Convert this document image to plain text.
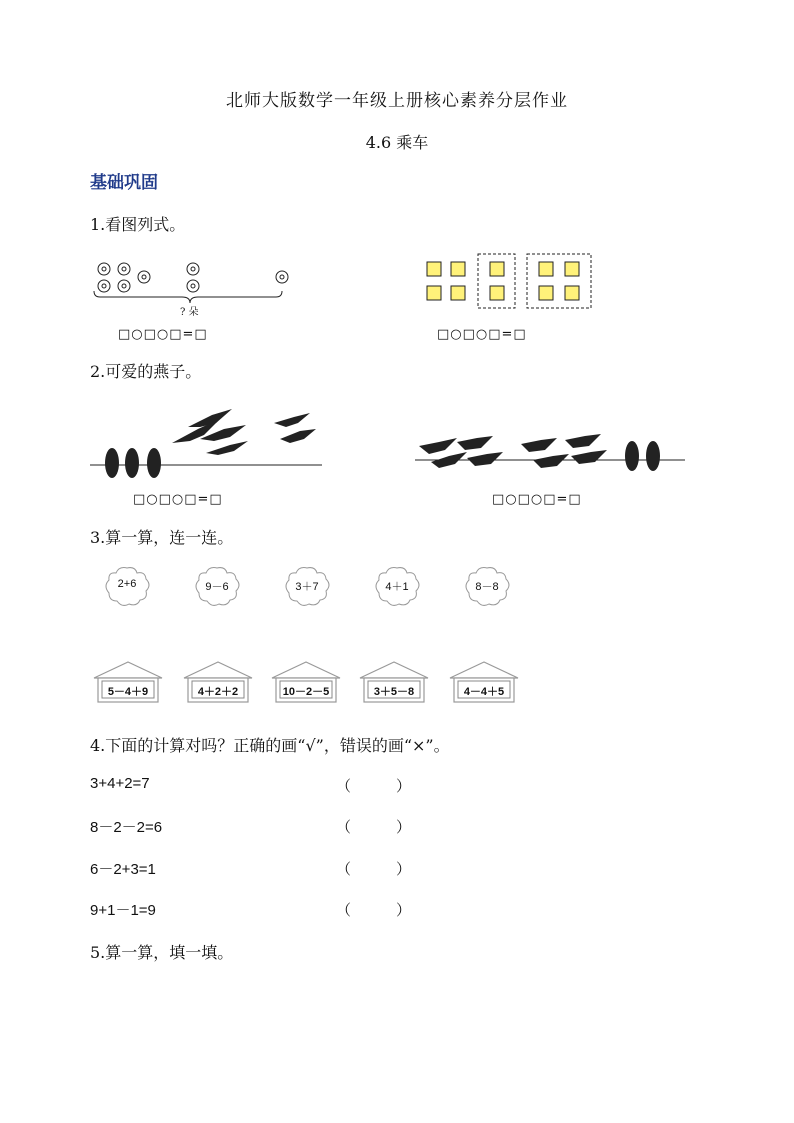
北师大版数学一年级上册核心素养分层作业
4.6 乘车
基础巩固
1.看图列式。
? 朵
□○□○□=□	□○□○□=□
2.可爱的燕子。
□○□○□=□	□○□○□=□
3.算一算，连一连。
2+6	9－6	3＋7	4＋1	8－8
5－4＋9	4＋2＋2	10－2－5	3＋5－8	4－4＋5
4.下面的计算对吗？正确的画“√”，错误的画“×”。
3+4+2=7	（　　　）
8－2－2=6	（　　　）
6－2+3=1	（　　　）
9+1－1=9	（　　　）
5.算一算，填一填。
